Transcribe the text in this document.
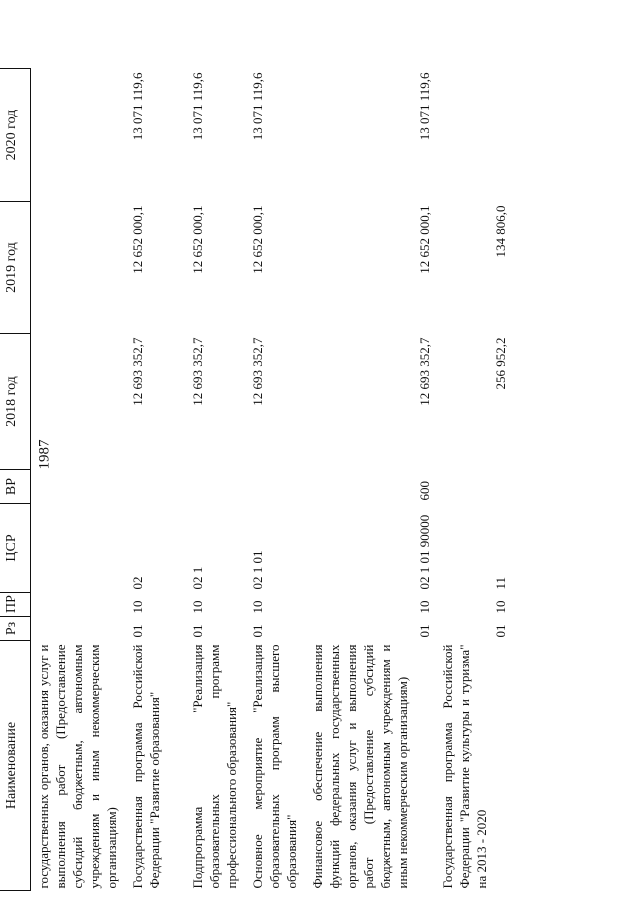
1987
Наименование	Рз	ПР	ЦСР	ВР	2018 год	2019 год	2020 год
государственных органов, оказания услуг и выполнения работ (Предоставление субсидий бюджетным, автономным учреждениям и иным некоммерческим организациям)							
Государственная программа Российской Федерации "Развитие образования"	01	10	02		12 693 352,7	12 652 000,1	13 071 119,6
Подпрограмма "Реализация образовательных программ профессионального образования"	01	10	02 1		12 693 352,7	12 652 000,1	13 071 119,6
Основное мероприятие "Реализация образовательных программ высшего образования"	01	10	02 1 01		12 693 352,7	12 652 000,1	13 071 119,6
Финансовое обеспечение выполнения функций федеральных государственных органов, оказания услуг и выполнения работ (Предоставление субсидий бюджетным, автономным учреждениям и иным некоммерческим организациям)	01	10	02 1 01 90000	600	12 693 352,7	12 652 000,1	13 071 119,6
Государственная программа Российской Федерации "Развитие культуры и туризма" на 2013 - 2020	01	10	11		256 952,2	134 806,0	
